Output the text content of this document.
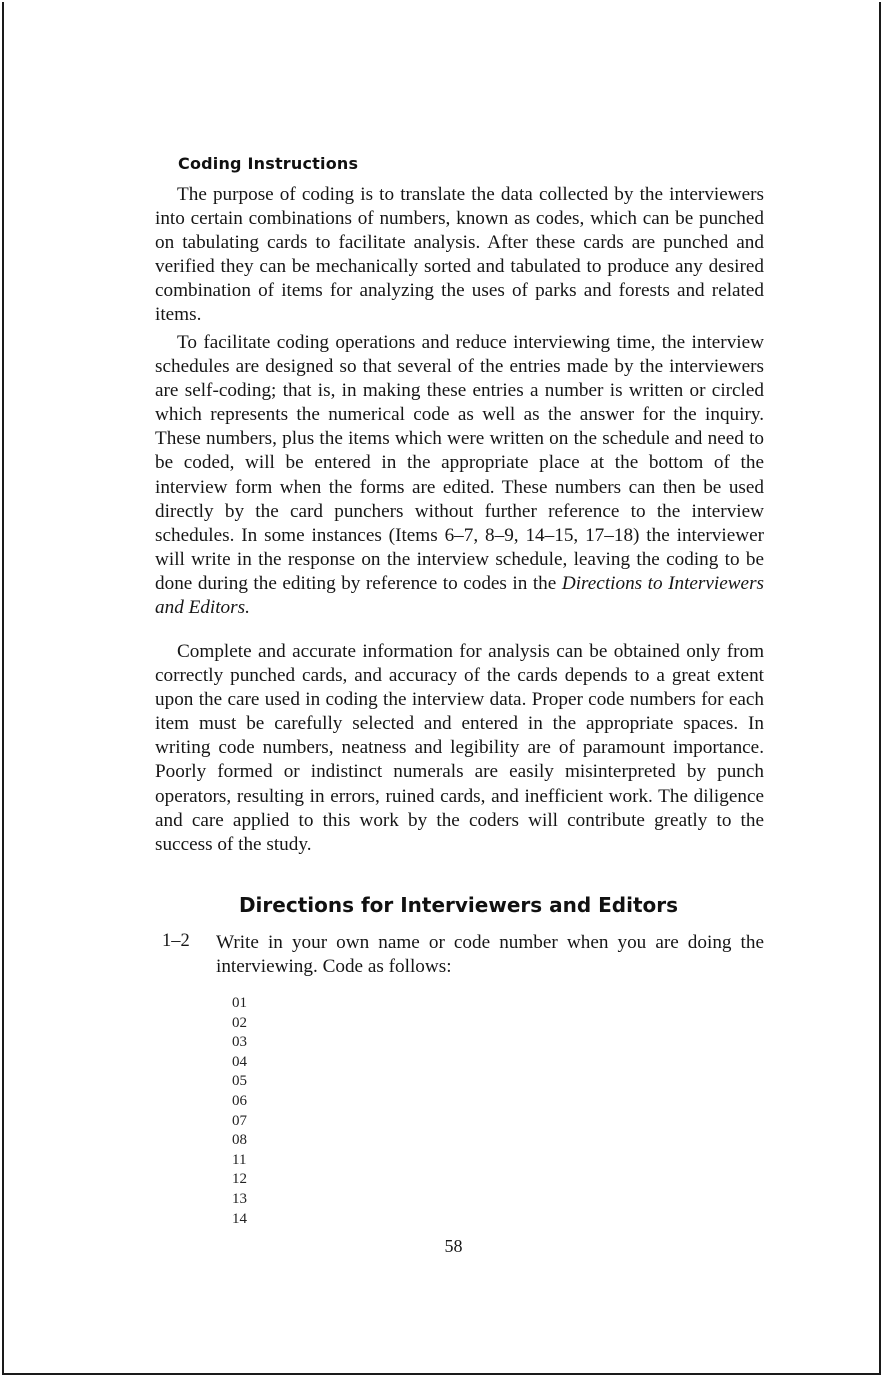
Coding Instructions

The purpose of coding is to translate the data collected by the interviewers into certain combinations of numbers, known as codes, which can be punched on tabulating cards to facilitate analysis. After these cards are punched and verified they can be mechanically sorted and tabulated to produce any desired combination of items for analyzing the uses of parks and forests and related items.

To facilitate coding operations and reduce interviewing time, the interview schedules are designed so that several of the entries made by the interviewers are self-coding; that is, in making these entries a number is written or circled which represents the numerical code as well as the answer for the inquiry. These numbers, plus the items which were written on the schedule and need to be coded, will be entered in the appropriate place at the bottom of the interview form when the forms are edited. These numbers can then be used directly by the card punchers without further reference to the interview schedules. In some instances (Items 6–7, 8–9, 14–15, 17–18) the interviewer will write in the response on the interview schedule, leaving the coding to be done during the editing by reference to codes in the Directions to Interviewers and Editors.

Complete and accurate information for analysis can be obtained only from correctly punched cards, and accuracy of the cards depends to a great extent upon the care used in coding the interview data. Proper code numbers for each item must be carefully selected and entered in the appropriate spaces. In writing code numbers, neatness and legibility are of paramount importance. Poorly formed or indistinct numerals are easily misinterpreted by punch operators, resulting in errors, ruined cards, and inefficient work. The diligence and care applied to this work by the coders will contribute greatly to the success of the study.

Directions for Interviewers and Editors
1–2 Write in your own name or code number when you are doing the interviewing. Code as follows:

01
02
03
04
05
06
07
08
11
12
13
14
58
